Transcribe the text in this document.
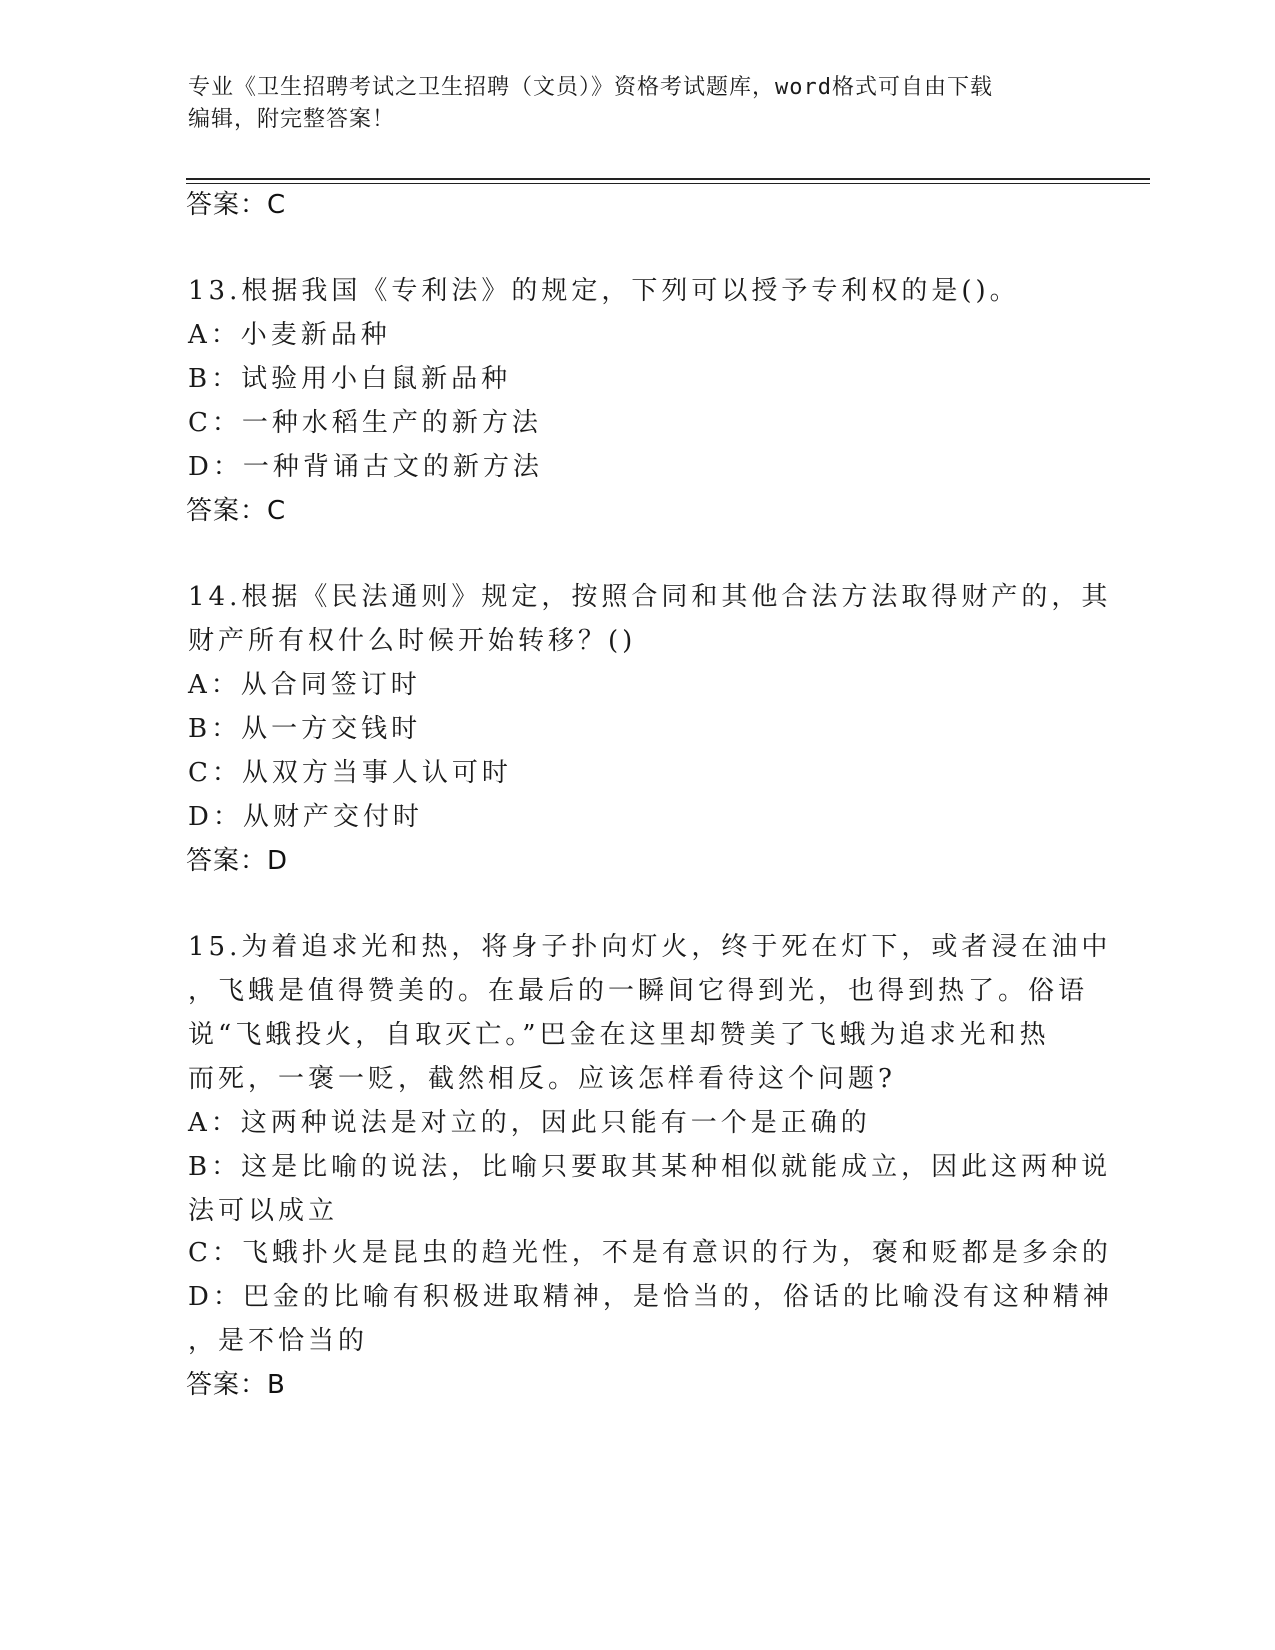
专业《卫生招聘考试之卫生招聘（文员）》资格考试题库，word格式可自由下载
编辑，附完整答案！
答案：C
13.根据我国《专利法》的规定，下列可以授予专利权的是()。
A：小麦新品种
B：试验用小白鼠新品种
C：一种水稻生产的新方法
D：一种背诵古文的新方法
答案：C
14.根据《民法通则》规定，按照合同和其他合法方法取得财产的，其
财产所有权什么时候开始转移？()
A：从合同签订时
B：从一方交钱时
C：从双方当事人认可时
D：从财产交付时
答案：D
15.为着追求光和热，将身子扑向灯火，终于死在灯下，或者浸在油中
，飞蛾是值得赞美的。在最后的一瞬间它得到光，也得到热了。俗语
说“飞蛾投火，自取灭亡。”巴金在这里却赞美了飞蛾为追求光和热
而死，一褒一贬，截然相反。应该怎样看待这个问题?
A：这两种说法是对立的，因此只能有一个是正确的
B：这是比喻的说法，比喻只要取其某种相似就能成立，因此这两种说
法可以成立
C：飞蛾扑火是昆虫的趋光性，不是有意识的行为，褒和贬都是多余的
D：巴金的比喻有积极进取精神，是恰当的，俗话的比喻没有这种精神
，是不恰当的
答案：B
